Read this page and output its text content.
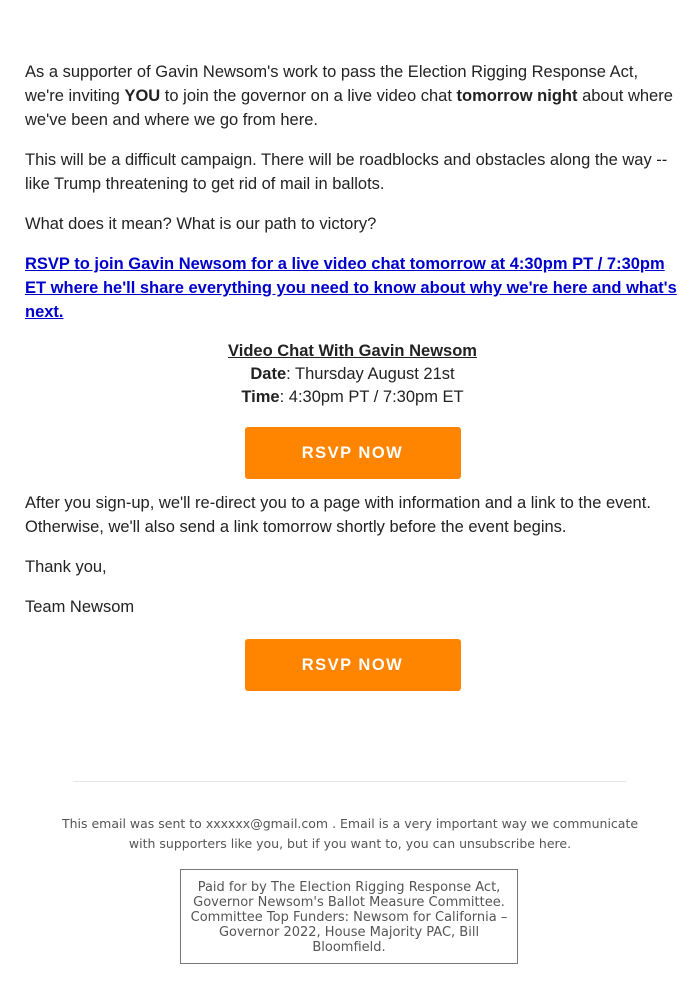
As a supporter of Gavin Newsom's work to pass the Election Rigging Response Act, we're inviting YOU to join the governor on a live video chat tomorrow night about where we've been and where we go from here.

This will be a difficult campaign. There will be roadblocks and obstacles along the way -- like Trump threatening to get rid of mail in ballots.

What does it mean? What is our path to victory?

RSVP to join Gavin Newsom for a live video chat tomorrow at 4:30pm PT / 7:30pm ET where he'll share everything you need to know about why we're here and what's next.
Video Chat With Gavin Newsom
Date: Thursday August 21st
Time: 4:30pm PT / 7:30pm ET
RSVP NOW

After you sign-up, we'll re-direct you to a page with information and a link to the event. Otherwise, we'll also send a link tomorrow shortly before the event begins.

Thank you,

Team Newsom

RSVP NOW
This email was sent to xxxxxx@gmail.com . Email is a very important way we communicate with supporters like you, but if you want to, you can unsubscribe here.
Paid for by The Election Rigging Response Act, Governor Newsom's Ballot Measure Committee. Committee Top Funders: Newsom for California – Governor 2022, House Majority PAC, Bill Bloomfield.
